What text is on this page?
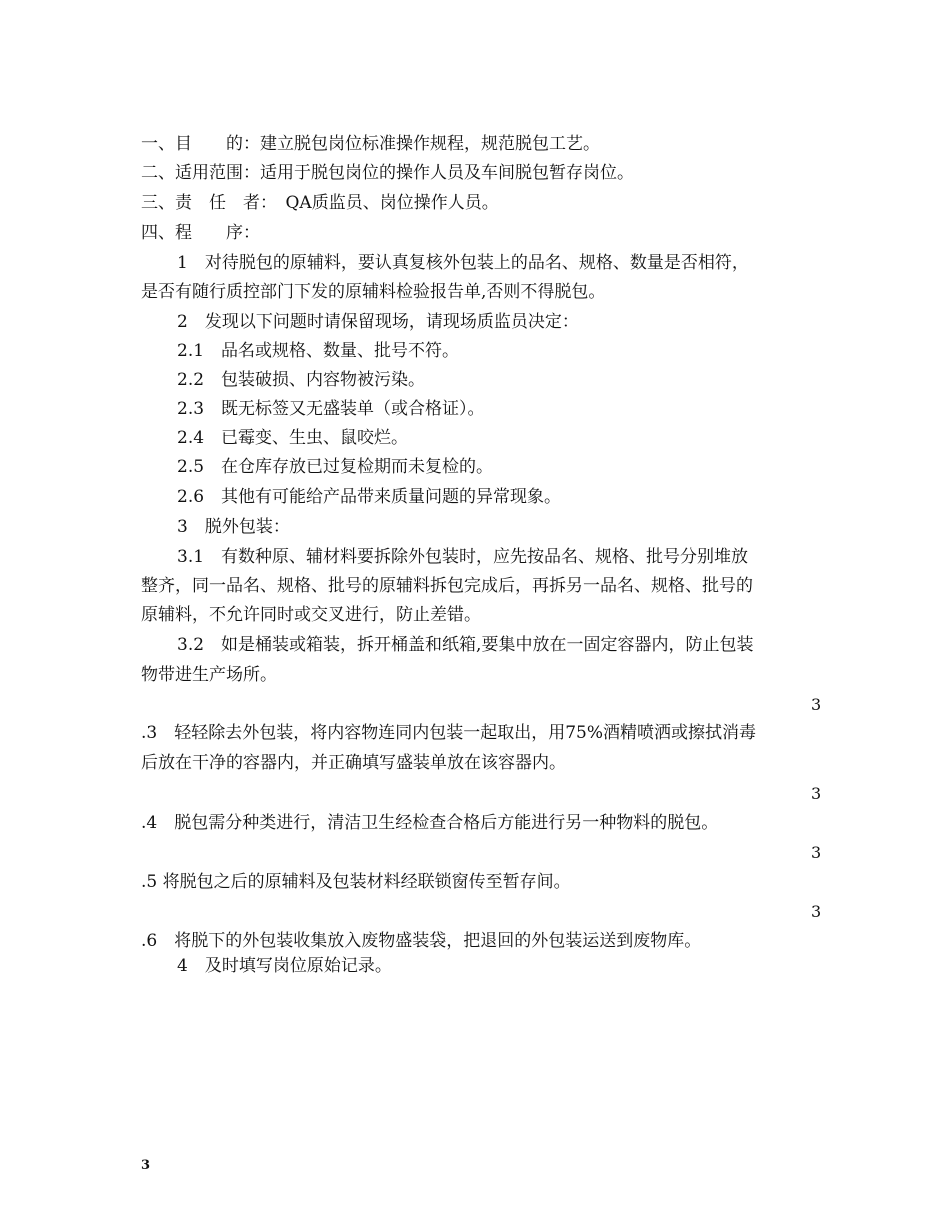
一、目　　的：建立脱包岗位标准操作规程，规范脱包工艺。
二、适用范围：适用于脱包岗位的操作人员及车间脱包暂存岗位。
三、责　任　者：　QA质监员、岗位操作人员。
四、程　　序：
1　对待脱包的原辅料，要认真复核外包装上的品名、规格、数量是否相符，
是否有随行质控部门下发的原辅料检验报告单,否则不得脱包。
2　发现以下问题时请保留现场，请现场质监员决定：
2.1　品名或规格、数量、批号不符。
2.2　包装破损、内容物被污染。
2.3　既无标签又无盛装单（或合格证）。
2.4　已霉变、生虫、鼠咬烂。
2.5　在仓库存放已过复检期而未复检的。
2.6　其他有可能给产品带来质量问题的异常现象。
3　脱外包装：
3.1　有数种原、辅材料要拆除外包装时，应先按品名、规格、批号分别堆放
整齐，同一品名、规格、批号的原辅料拆包完成后，再拆另一品名、规格、批号的
原辅料，不允许同时或交叉进行，防止差错。
3.2　如是桶装或箱装，拆开桶盖和纸箱,要集中放在一固定容器内，防止包装
物带进生产场所。
3
.3　轻轻除去外包装，将内容物连同内包装一起取出，用75%酒精喷洒或擦拭消毒
后放在干净的容器内，并正确填写盛装单放在该容器内。
3
.4　脱包需分种类进行，清洁卫生经检查合格后方能进行另一种物料的脱包。
3
.5 将脱包之后的原辅料及包装材料经联锁窗传至暂存间。
3
.6　将脱下的外包装收集放入废物盛装袋，把退回的外包装运送到废物库。
4　及时填写岗位原始记录。
3
